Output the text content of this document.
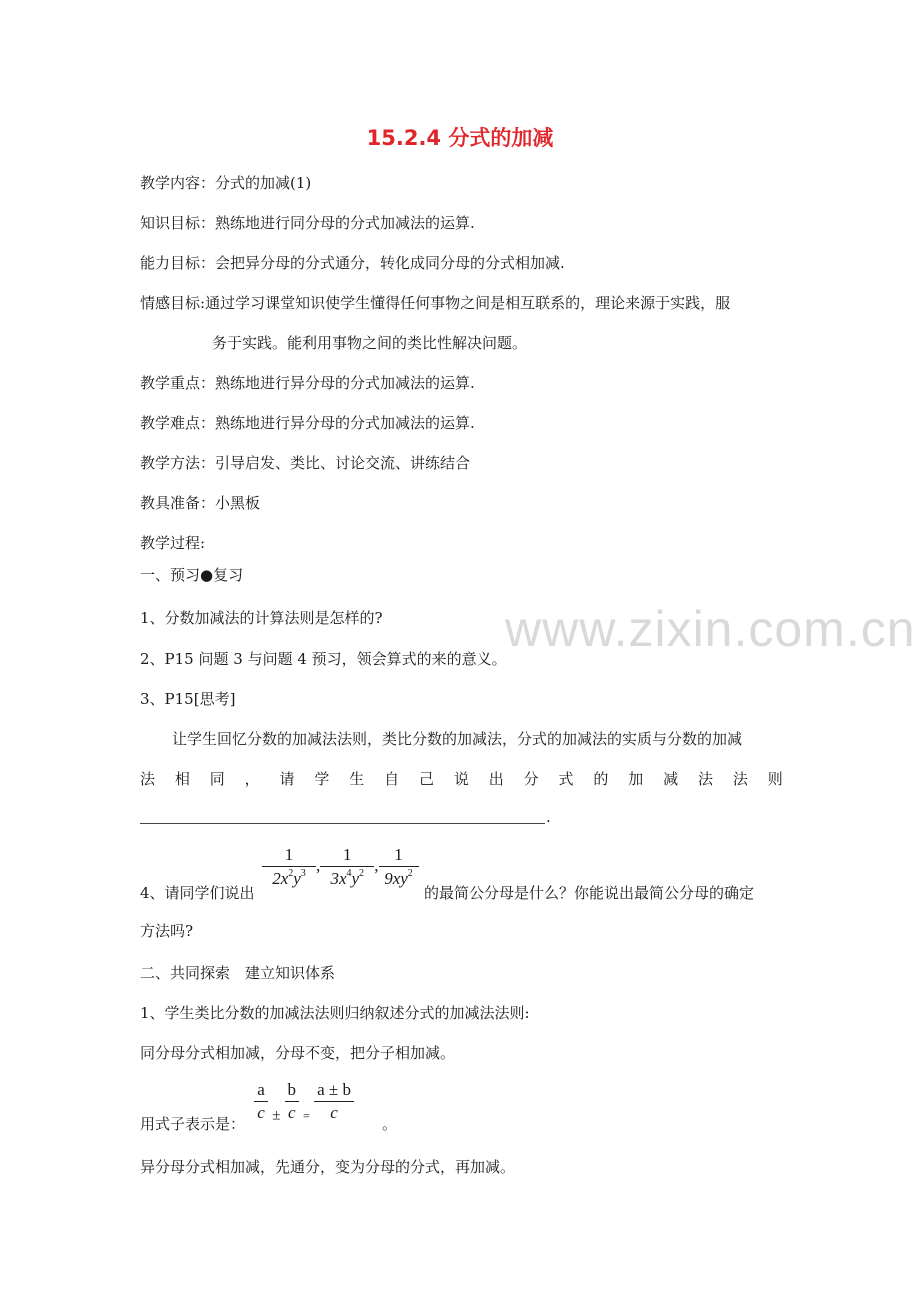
15.2.4 分式的加减
www.zixin.com.cn
教学内容：分式的加减(1)
知识目标：熟练地进行同分母的分式加减法的运算.
能力目标：会把异分母的分式通分，转化成同分母的分式相加减.
情感目标:通过学习课堂知识使学生懂得任何事物之间是相互联系的，理论来源于实践，服
务于实践。能利用事物之间的类比性解决问题。
教学重点：熟练地进行异分母的分式加减法的运算.
教学难点：熟练地进行异分母的分式加减法的运算.
教学方法：引导启发、类比、讨论交流、讲练结合
教具准备：小黑板
教学过程:
一、预习●复习
1、分数加减法的计算法则是怎样的?
2、P15 问题 3 与问题 4 预习，领会算式的来的意义。
3、P15[思考]
让学生回忆分数的加减法法则，类比分数的加减法，分式的加减法的实质与分数的加减
法 相 同 ， 请 学 生 自 己 说 出 分 式 的 加 减 法 法 则
.
4、请同学们说出
$\frac{1}{2x^2y^3}$ , $\frac{1}{3x^4y^2}$ , $\frac{1}{9xy^2}$
的最简公分母是什么？你能说出最简公分母的确定
方法吗?
二、共同探索　建立知识体系
1、学生类比分数的加减法法则归纳叙述分式的加减法法则:
同分母分式相加减，分母不变，把分子相加减。
用式子表示是：
$\frac{a}{c} \pm \frac{b}{c} _= \frac{a \pm b}{c}$
。
异分母分式相加减，先通分，变为分母的分式，再加减。
